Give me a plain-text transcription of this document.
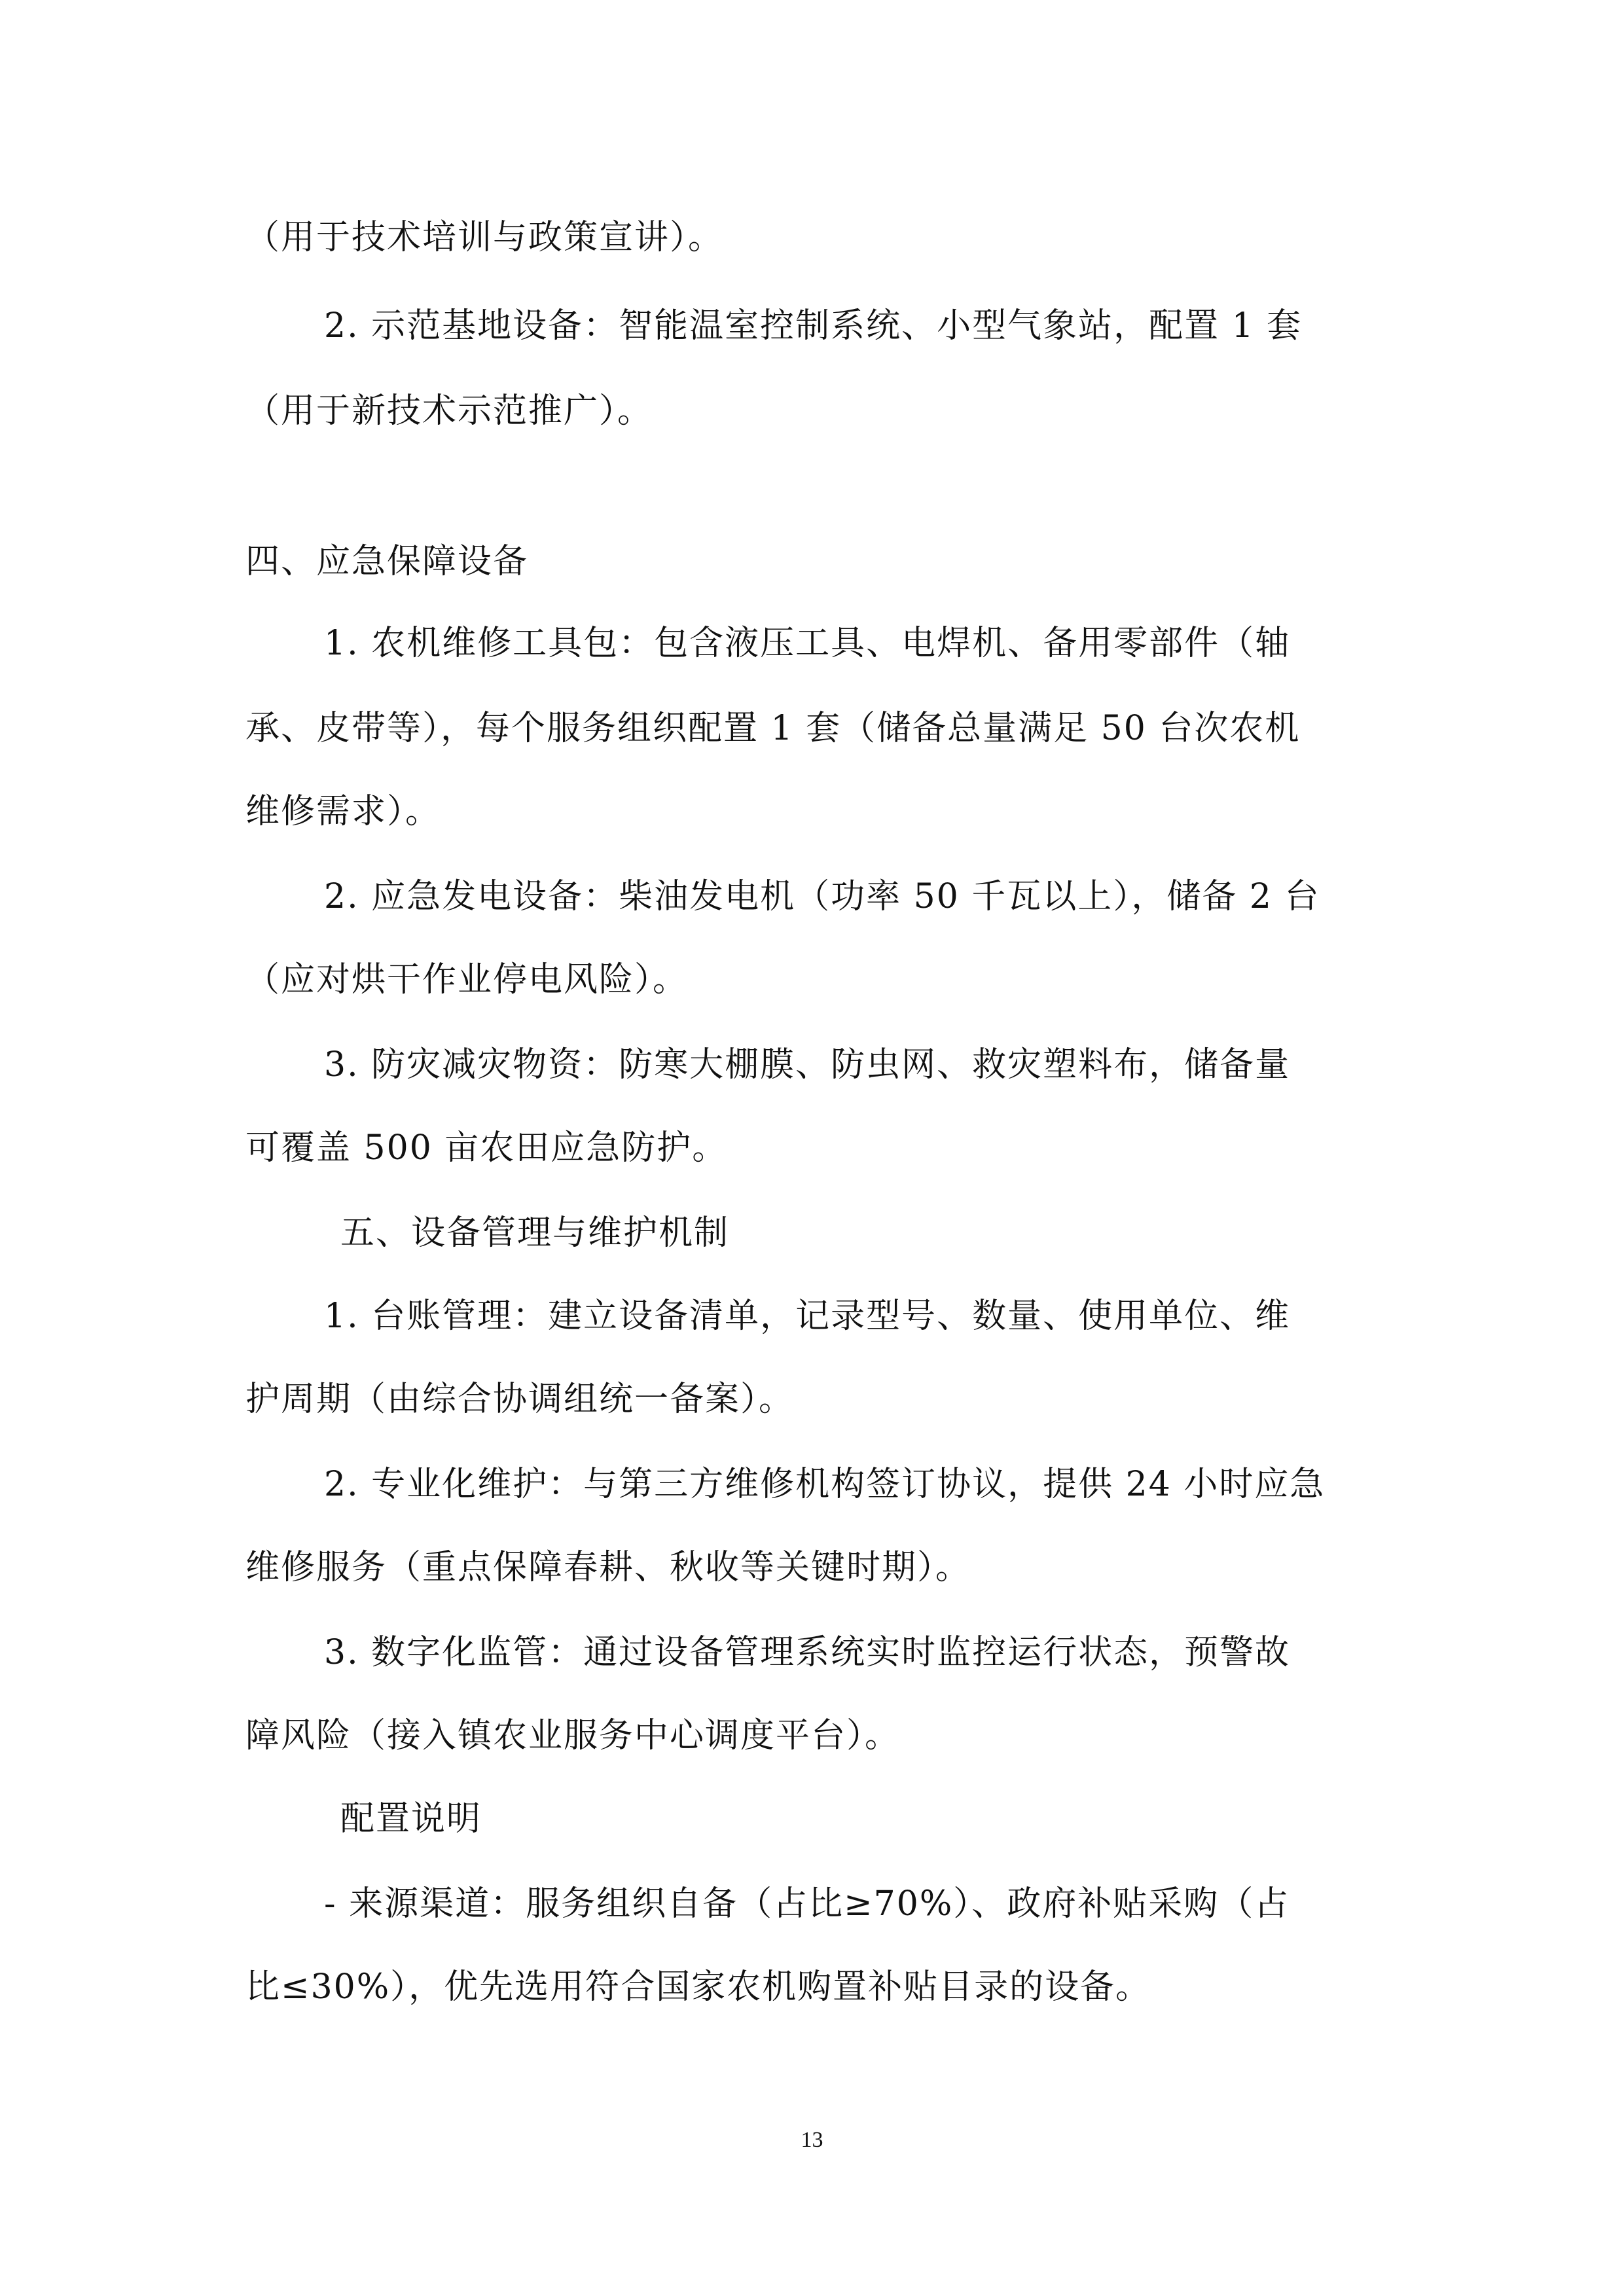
（用于技术培训与政策宣讲）。
2. 示范基地设备：智能温室控制系统、小型气象站，配置 1 套
（用于新技术示范推广）。
四、应急保障设备
1. 农机维修工具包：包含液压工具、电焊机、备用零部件（轴
承、皮带等），每个服务组织配置 1 套（储备总量满足 50 台次农机
维修需求）。
2. 应急发电设备：柴油发电机（功率 50 千瓦以上），储备 2 台
（应对烘干作业停电风险）。
3. 防灾减灾物资：防寒大棚膜、防虫网、救灾塑料布，储备量
可覆盖 500 亩农田应急防护。
五、设备管理与维护机制
1. 台账管理：建立设备清单，记录型号、数量、使用单位、维
护周期（由综合协调组统一备案）。
2. 专业化维护：与第三方维修机构签订协议，提供 24 小时应急
维修服务（重点保障春耕、秋收等关键时期）。
3. 数字化监管：通过设备管理系统实时监控运行状态，预警故
障风险（接入镇农业服务中心调度平台）。
配置说明
- 来源渠道：服务组织自备（占比≥70%）、政府补贴采购（占
比≤30%），优先选用符合国家农机购置补贴目录的设备。
13
